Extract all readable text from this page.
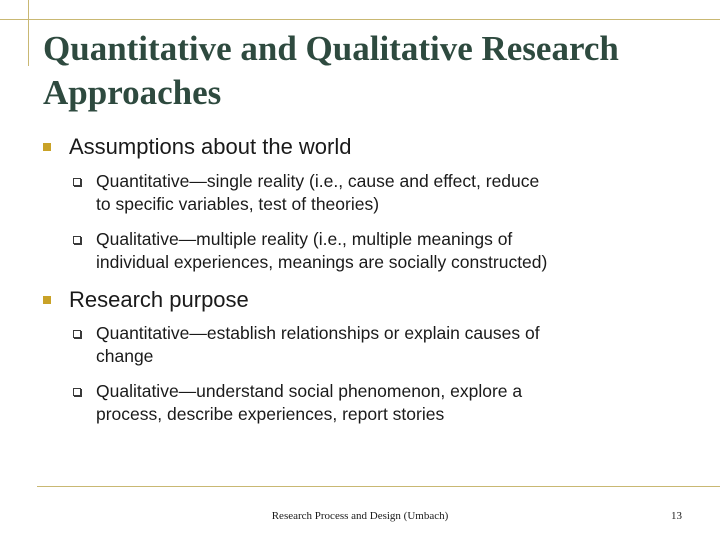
Quantitative and Qualitative Research
Approaches
Assumptions about the world
Quantitative—single reality (i.e., cause and effect, reduce
to specific variables, test of theories)
Qualitative—multiple reality (i.e., multiple meanings of
individual experiences, meanings are socially constructed)
Research purpose
Quantitative—establish relationships or explain causes of
change
Qualitative—understand social phenomenon, explore a
process, describe experiences, report stories
Research Process and Design (Umbach)	13
